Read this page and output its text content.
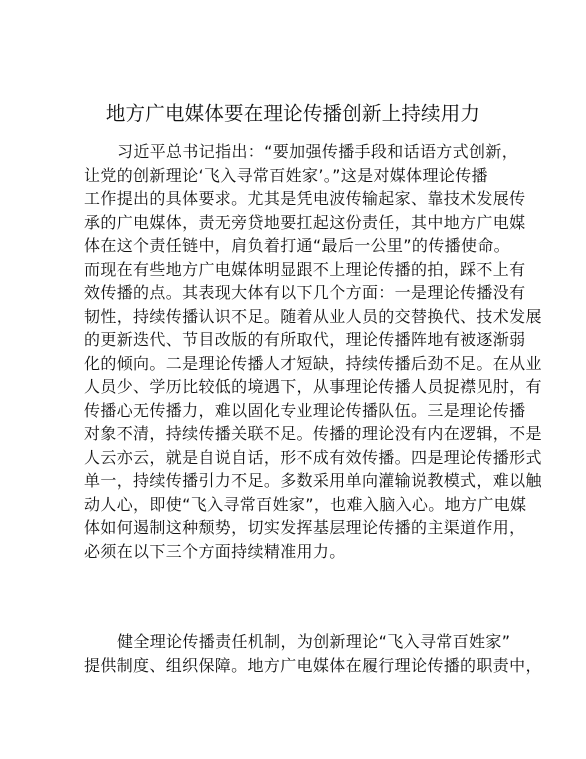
地方广电媒体要在理论传播创新上持续用力
习近平总书记指出：“要加强传播手段和话语方式创新，
让党的创新理论‘飞入寻常百姓家’。”这是对媒体理论传播
工作提出的具体要求。尤其是凭电波传输起家、靠技术发展传
承的广电媒体，责无旁贷地要扛起这份责任，其中地方广电媒
体在这个责任链中，肩负着打通“最后一公里”的传播使命。
而现在有些地方广电媒体明显跟不上理论传播的拍，踩不上有
效传播的点。其表现大体有以下几个方面：一是理论传播没有
韧性，持续传播认识不足。随着从业人员的交替换代、技术发展
的更新迭代、节目改版的有所取代，理论传播阵地有被逐渐弱
化的倾向。二是理论传播人才短缺，持续传播后劲不足。在从业
人员少、学历比较低的境遇下，从事理论传播人员捉襟见肘，有
传播心无传播力，难以固化专业理论传播队伍。三是理论传播
对象不清，持续传播关联不足。传播的理论没有内在逻辑，不是
人云亦云，就是自说自话，形不成有效传播。四是理论传播形式
单一，持续传播引力不足。多数采用单向灌输说教模式，难以触
动人心，即使“飞入寻常百姓家”，也难入脑入心。地方广电媒
体如何遏制这种颓势，切实发挥基层理论传播的主渠道作用，
必须在以下三个方面持续精准用力。
健全理论传播责任机制，为创新理论“飞入寻常百姓家”
提供制度、组织保障。地方广电媒体在履行理论传播的职责中，
